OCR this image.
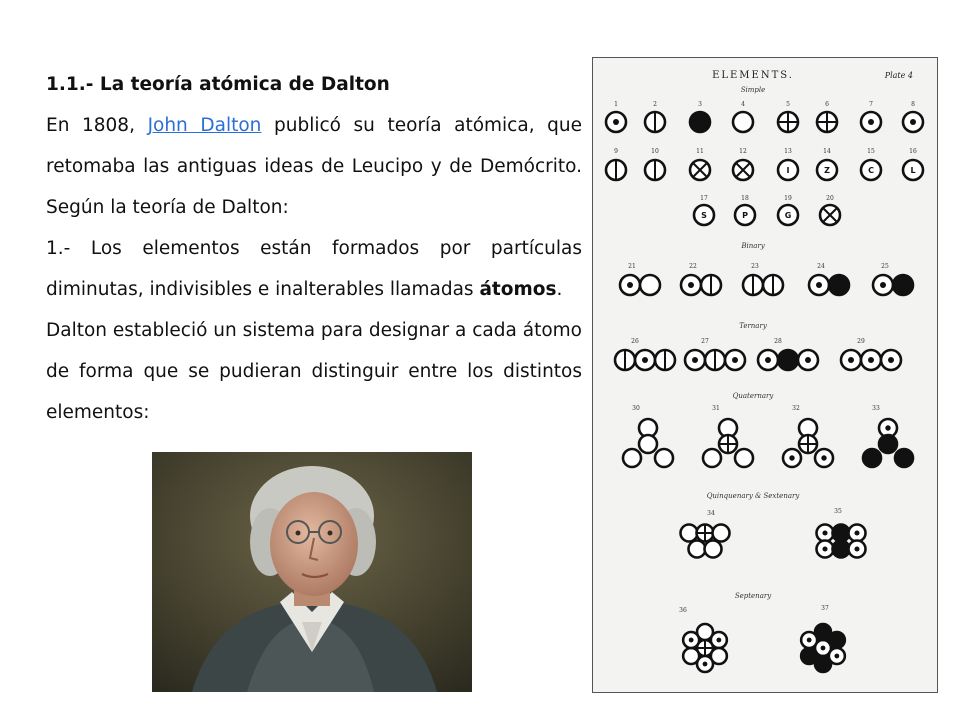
1.1.- La teoría atómica de Dalton

En 1808, John Dalton publicó su teoría atómica, que retomaba las antiguas ideas de Leucipo y de Demócrito. Según la teoría de Dalton:

1.- Los elementos están formados por partículas diminutas, indivisibles e inalterables llamadas átomos.

Dalton estableció un sistema para designar a cada átomo de forma que se pudieran distinguir entre los distintos elementos:

ELEMENTS.	Plate 4
Simple
1	2	3	4	5	6	7	8
9	10	11	12	13
I
14
Z
15
C
16
L
17
S
18
P
19
G
20
Binary
21	22	23	24	25
Ternary
26	27	28	29
Quaternary
30	31	32	33
Quinquenary & Sextenary
34	35
Septenary
36	37
